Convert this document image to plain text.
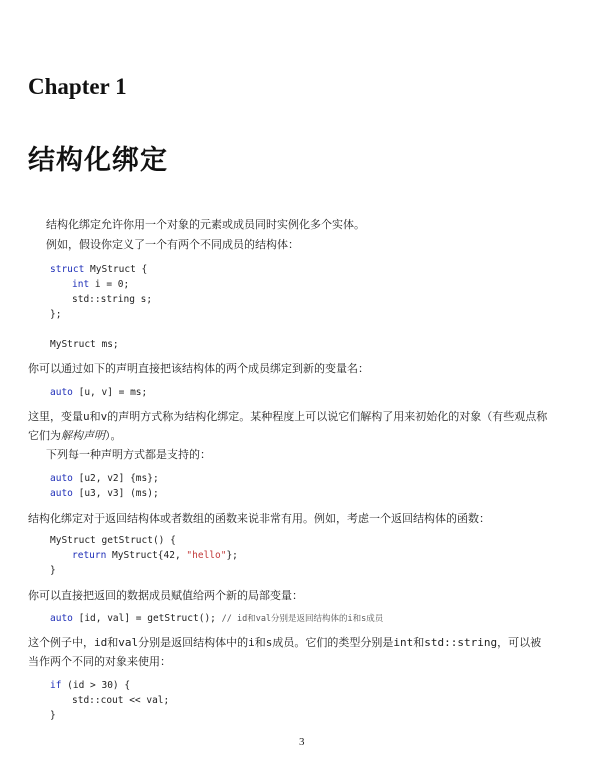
Chapter 1
结构化绑定
结构化绑定允许你用一个对象的元素或成员同时实例化多个实体。
例如，假设你定义了一个有两个不同成员的结构体：
struct MyStruct {
int i = 0;
std::string s;
};
MyStruct ms;
你可以通过如下的声明直接把该结构体的两个成员绑定到新的变量名：
auto [u, v] = ms;
这里，变量u和v的声明方式称为结构化绑定。某种程度上可以说它们解构了用来初始化的对象（有些观点称
它们为解构声明）。
下列每一种声明方式都是支持的：
auto [u2, v2] {ms};
auto [u3, v3] (ms);
结构化绑定对于返回结构体或者数组的函数来说非常有用。例如，考虑一个返回结构体的函数：
MyStruct getStruct() {
return MyStruct{42, "hello"};
}
你可以直接把返回的数据成员赋值给两个新的局部变量：
auto [id, val] = getStruct(); // id和val分别是返回结构体的i和s成员
这个例子中，id和val分别是返回结构体中的i和s成员。它们的类型分别是int和std::string，可以被
当作两个不同的对象来使用：
if (id > 30) {
std::cout << val;
}
3
